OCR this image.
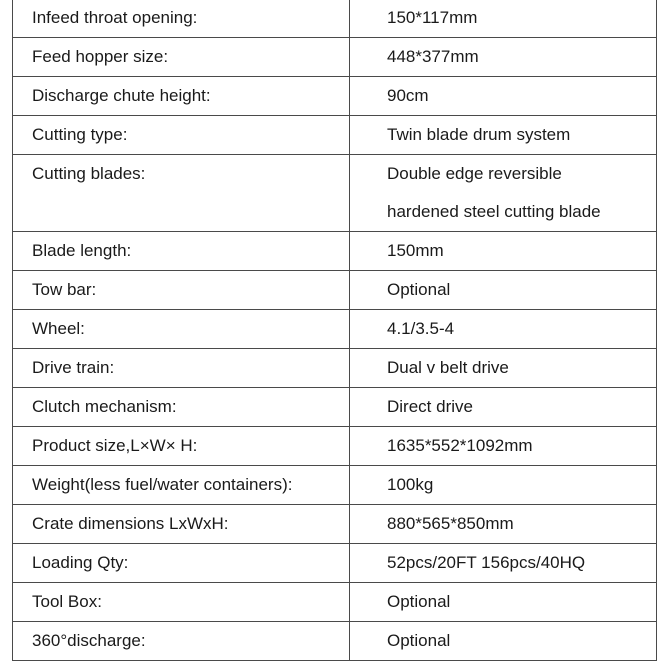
Infeed throat opening:	150*117mm

Feed hopper size:	448*377mm

Discharge chute height:	90cm

Cutting type:	Twin blade drum system

Cutting blades:	Double edge reversible
hardened steel cutting blade

Blade length:	150mm

Tow bar:	Optional

Wheel:	4.1/3.5-4

Drive train:	Dual v belt drive

Clutch mechanism:	Direct drive

Product size,L×W× H:	1635*552*1092mm

Weight(less fuel/water containers):	100kg

Crate dimensions LxWxH:	880*565*850mm

Loading Qty:	52pcs/20FT 156pcs/40HQ

Tool Box:	Optional

360°discharge:	Optional
